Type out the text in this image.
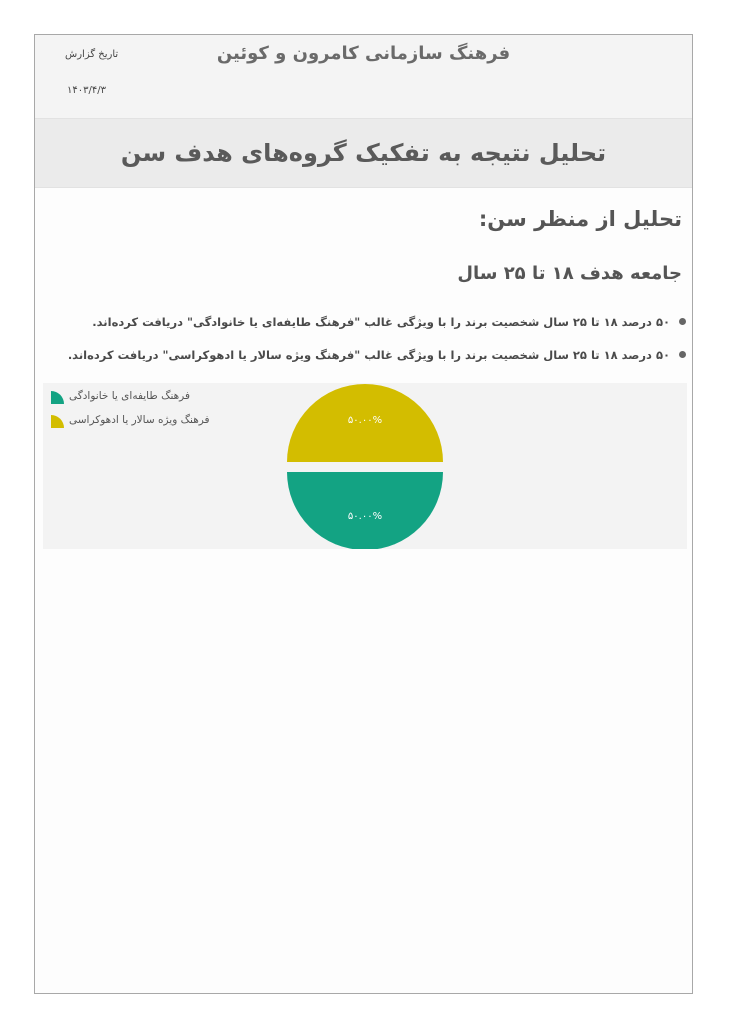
فرهنگ سازمانی کامرون و کوئین
تاریخ گزارش
۱۴۰۳/۴/۳
تحلیل نتیجه به تفکیک گروه‌های هدف سن
تحلیل از منظر سن:
جامعه هدف ۱۸ تا ۲۵ سال
۵۰ درصد ۱۸ تا ۲۵ سال شخصیت برند را با ویژگی غالب "فرهنگ طایفه‌ای یا خانوادگی" دریافت کرده‌اند.
۵۰ درصد ۱۸ تا ۲۵ سال شخصیت برند را با ویژگی غالب "فرهنگ ویژه سالار یا ادهوکراسی" دریافت کرده‌اند.
فرهنگ طایفه‌ای یا خانوادگی
فرهنگ ویژه سالار یا ادهوکراسی	۵۰.۰۰%
۵۰.۰۰%
